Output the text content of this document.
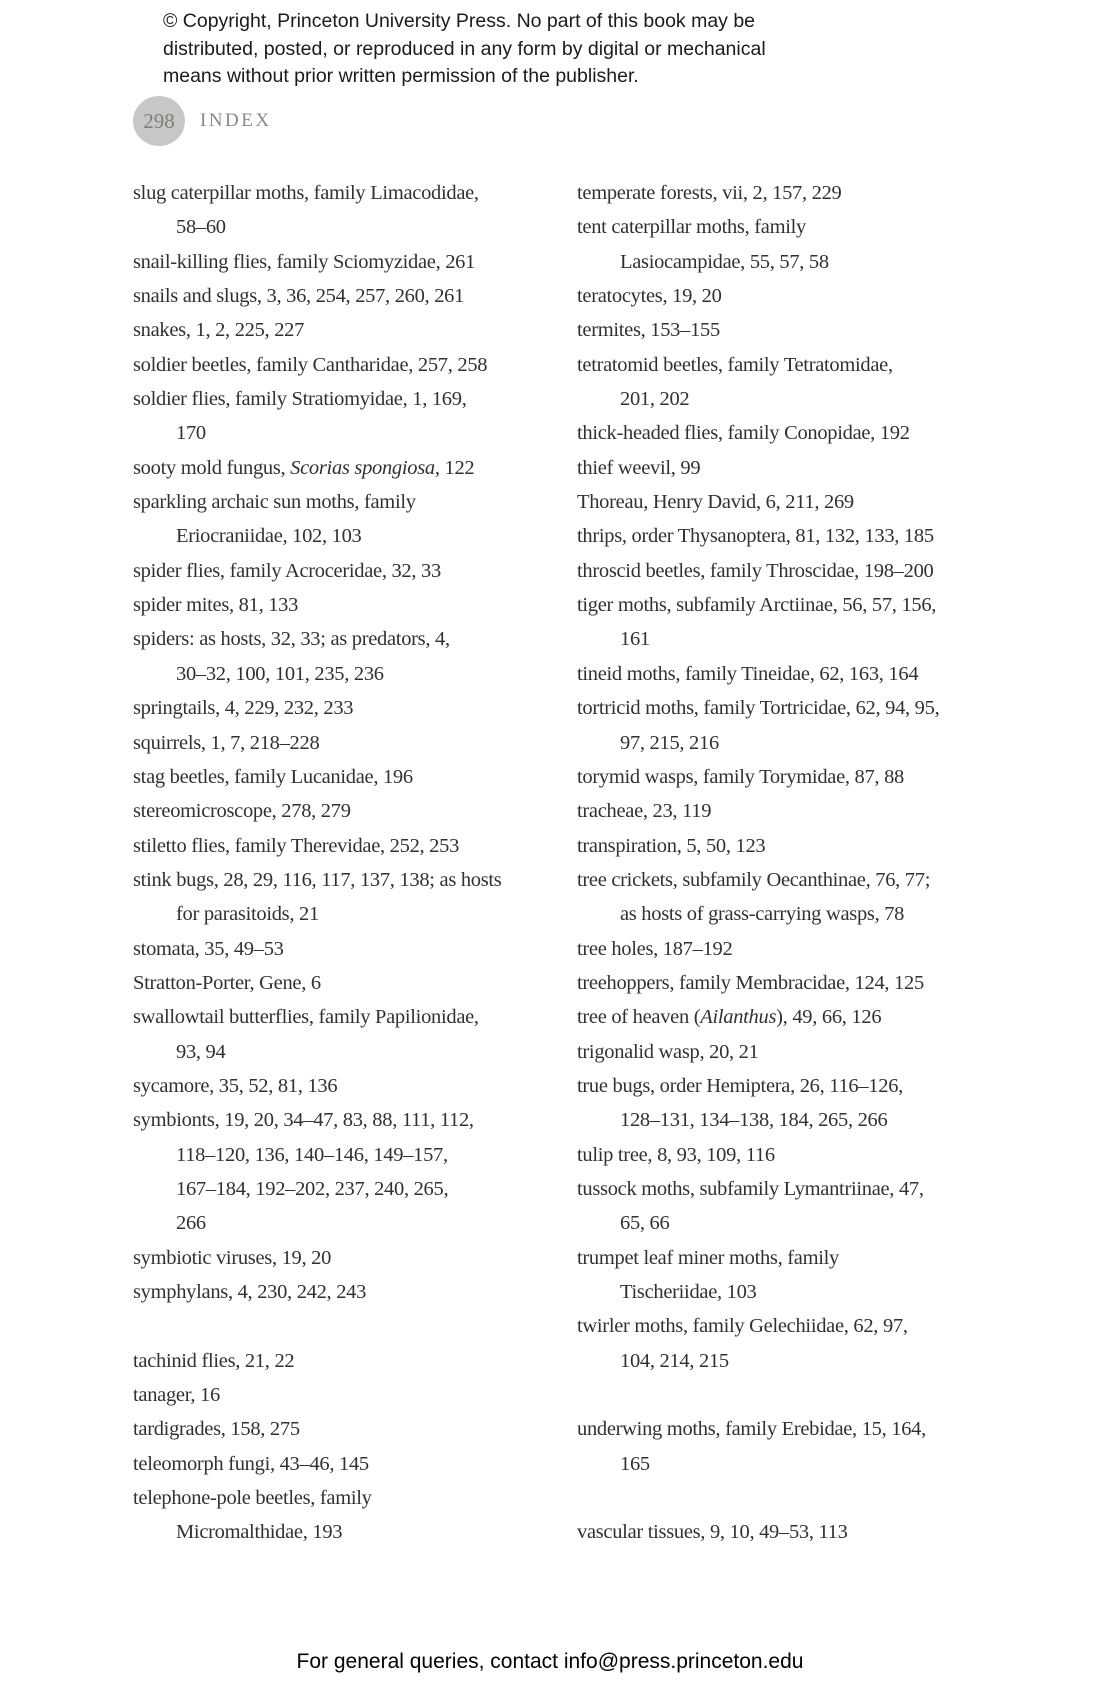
© Copyright, Princeton University Press. No part of this book may be
distributed, posted, or reproduced in any form by digital or mechanical
means without prior written permission of the publisher.
298	INDEX
slug caterpillar moths, family Limacodidae,
58–60
snail-killing flies, family Sciomyzidae, 261
snails and slugs, 3, 36, 254, 257, 260, 261
snakes, 1, 2, 225, 227
soldier beetles, family Cantharidae, 257, 258
soldier flies, family Stratiomyidae, 1, 169,
170
sooty mold fungus, Scorias spongiosa, 122
sparkling archaic sun moths, family
Eriocraniidae, 102, 103
spider flies, family Acroceridae, 32, 33
spider mites, 81, 133
spiders: as hosts, 32, 33; as predators, 4,
30–32, 100, 101, 235, 236
springtails, 4, 229, 232, 233
squirrels, 1, 7, 218–228
stag beetles, family Lucanidae, 196
stereomicroscope, 278, 279
stiletto flies, family Therevidae, 252, 253
stink bugs, 28, 29, 116, 117, 137, 138; as hosts
for parasitoids, 21
stomata, 35, 49–53
Stratton-Porter, Gene, 6
swallowtail butterflies, family Papilionidae,
93, 94
sycamore, 35, 52, 81, 136
symbionts, 19, 20, 34–47, 83, 88, 111, 112,
118–120, 136, 140–146, 149–157,
167–184, 192–202, 237, 240, 265,
266
symbiotic viruses, 19, 20
symphylans, 4, 230, 242, 243
tachinid flies, 21, 22
tanager, 16
tardigrades, 158, 275
teleomorph fungi, 43–46, 145
telephone-pole beetles, family
Micromalthidae, 193
temperate forests, vii, 2, 157, 229
tent caterpillar moths, family
Lasiocampidae, 55, 57, 58
teratocytes, 19, 20
termites, 153–155
tetratomid beetles, family Tetratomidae,
201, 202
thick-headed flies, family Conopidae, 192
thief weevil, 99
Thoreau, Henry David, 6, 211, 269
thrips, order Thysanoptera, 81, 132, 133, 185
throscid beetles, family Throscidae, 198–200
tiger moths, subfamily Arctiinae, 56, 57, 156,
161
tineid moths, family Tineidae, 62, 163, 164
tortricid moths, family Tortricidae, 62, 94, 95,
97, 215, 216
torymid wasps, family Torymidae, 87, 88
tracheae, 23, 119
transpiration, 5, 50, 123
tree crickets, subfamily Oecanthinae, 76, 77;
as hosts of grass-carrying wasps, 78
tree holes, 187–192
treehoppers, family Membracidae, 124, 125
tree of heaven (Ailanthus), 49, 66, 126
trigonalid wasp, 20, 21
true bugs, order Hemiptera, 26, 116–126,
128–131, 134–138, 184, 265, 266
tulip tree, 8, 93, 109, 116
tussock moths, subfamily Lymantriinae, 47,
65, 66
trumpet leaf miner moths, family
Tischeriidae, 103
twirler moths, family Gelechiidae, 62, 97,
104, 214, 215
underwing moths, family Erebidae, 15, 164,
165
vascular tissues, 9, 10, 49–53, 113
For general queries, contact info@press.princeton.edu
